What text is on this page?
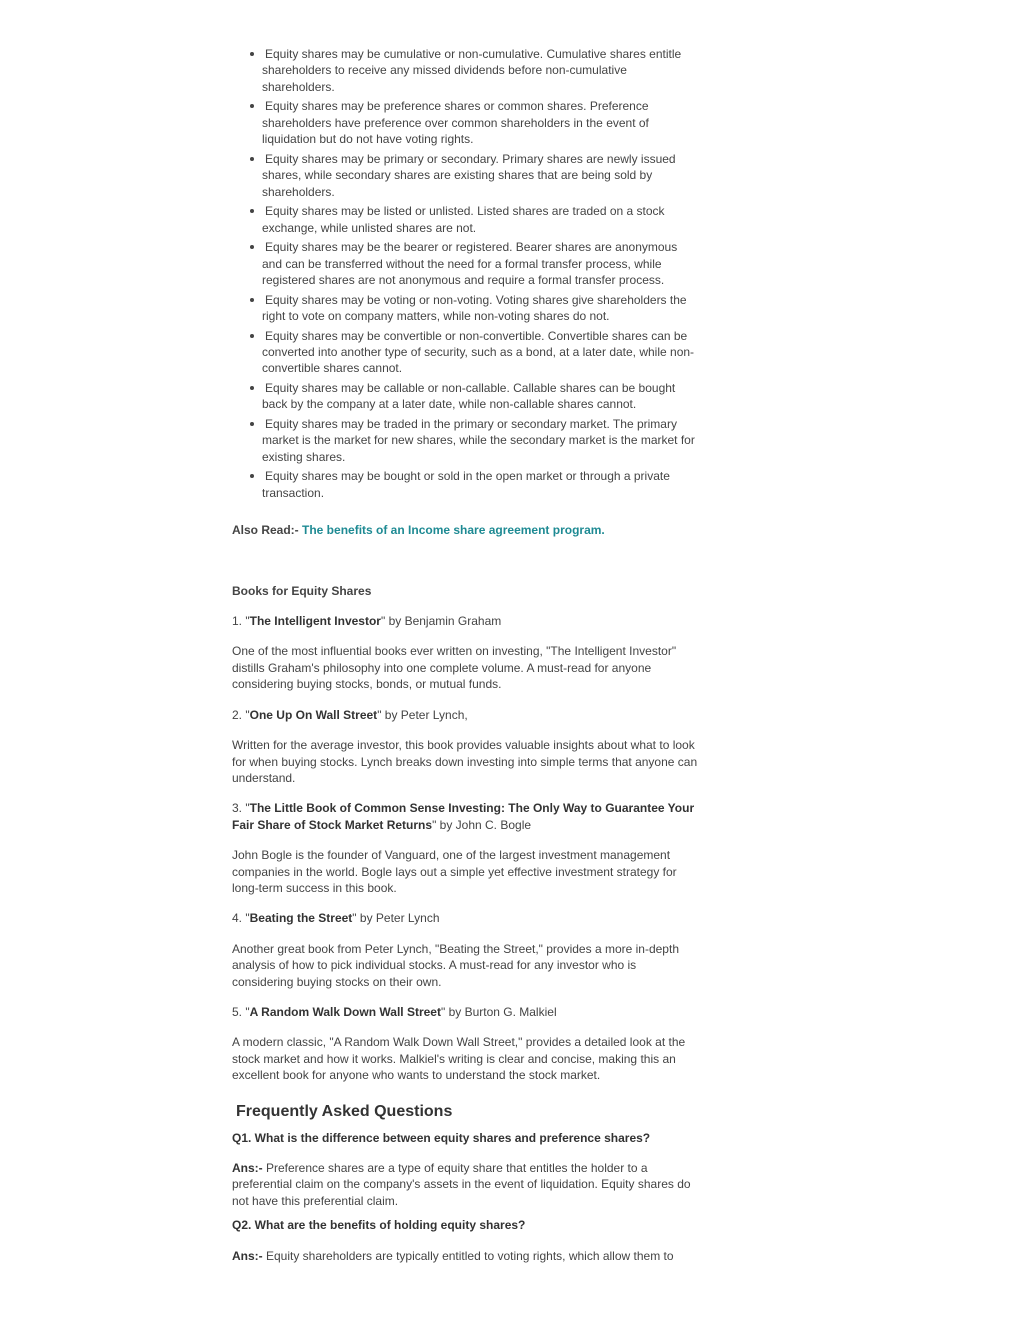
Equity shares may be cumulative or non-cumulative. Cumulative shares entitle shareholders to receive any missed dividends before non-cumulative shareholders.
Equity shares may be preference shares or common shares. Preference shareholders have preference over common shareholders in the event of liquidation but do not have voting rights.
Equity shares may be primary or secondary. Primary shares are newly issued shares, while secondary shares are existing shares that are being sold by shareholders.
Equity shares may be listed or unlisted. Listed shares are traded on a stock exchange, while unlisted shares are not.
Equity shares may be the bearer or registered. Bearer shares are anonymous and can be transferred without the need for a formal transfer process, while registered shares are not anonymous and require a formal transfer process.
Equity shares may be voting or non-voting. Voting shares give shareholders the right to vote on company matters, while non-voting shares do not.
Equity shares may be convertible or non-convertible. Convertible shares can be converted into another type of security, such as a bond, at a later date, while non-convertible shares cannot.
Equity shares may be callable or non-callable. Callable shares can be bought back by the company at a later date, while non-callable shares cannot.
Equity shares may be traded in the primary or secondary market. The primary market is the market for new shares, while the secondary market is the market for existing shares.
Equity shares may be bought or sold in the open market or through a private transaction.

Also Read:- The benefits of an Income share agreement program.

Books for Equity Shares

1. "The Intelligent Investor" by Benjamin Graham

One of the most influential books ever written on investing, "The Intelligent Investor" distills Graham's philosophy into one complete volume. A must-read for anyone considering buying stocks, bonds, or mutual funds.

2. "One Up On Wall Street" by Peter Lynch,

Written for the average investor, this book provides valuable insights about what to look for when buying stocks. Lynch breaks down investing into simple terms that anyone can understand.

3. "The Little Book of Common Sense Investing: The Only Way to Guarantee Your Fair Share of Stock Market Returns" by John C. Bogle

John Bogle is the founder of Vanguard, one of the largest investment management companies in the world. Bogle lays out a simple yet effective investment strategy for long-term success in this book.

4. "Beating the Street" by Peter Lynch

Another great book from Peter Lynch, "Beating the Street," provides a more in-depth analysis of how to pick individual stocks. A must-read for any investor who is considering buying stocks on their own.

5. "A Random Walk Down Wall Street" by Burton G. Malkiel

A modern classic, "A Random Walk Down Wall Street," provides a detailed look at the stock market and how it works. Malkiel's writing is clear and concise, making this an excellent book for anyone who wants to understand the stock market.

Frequently Asked Questions

Q1. What is the difference between equity shares and preference shares?

Ans:- Preference shares are a type of equity share that entitles the holder to a preferential claim on the company's assets in the event of liquidation. Equity shares do not have this preferential claim.

Q2. What are the benefits of holding equity shares?

Ans:- Equity shareholders are typically entitled to voting rights, which allow them to
